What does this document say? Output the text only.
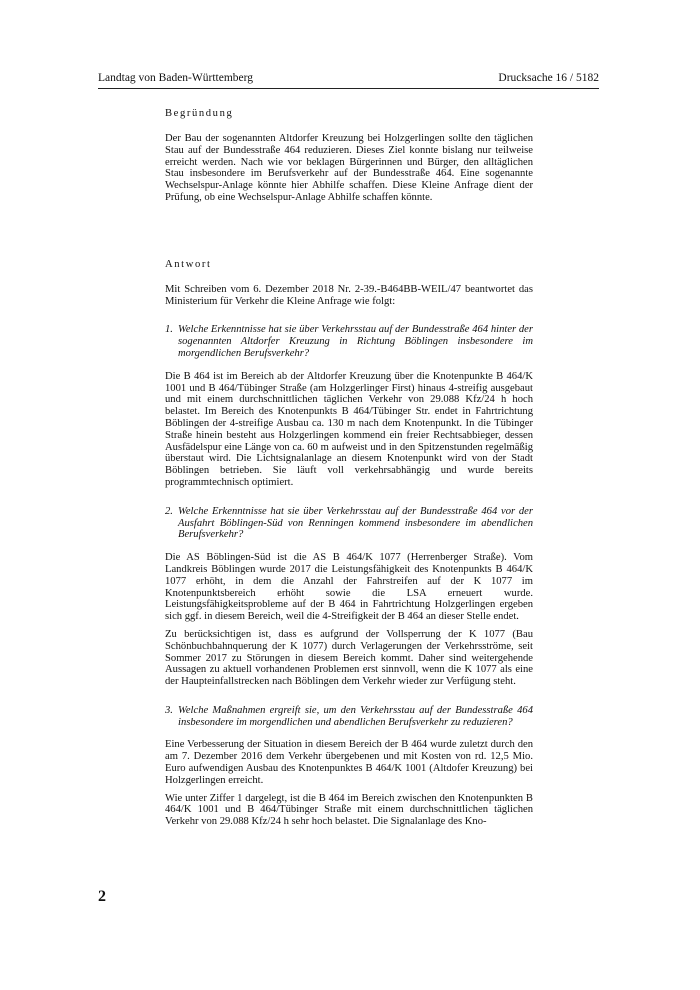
Landtag von Baden-Württemberg	Drucksache 16 / 5182
Begründung

Der Bau der sogenannten Altdorfer Kreuzung bei Holzgerlingen sollte den täglichen Stau auf der Bundesstraße 464 reduzieren. Dieses Ziel konnte bislang nur teilweise erreicht werden. Nach wie vor beklagen Bürgerinnen und Bürger, den alltäglichen Stau insbesondere im Berufsverkehr auf der Bundesstraße 464. Eine sogenannte Wechselspur-Anlage könnte hier Abhilfe schaffen. Diese Kleine Anfrage dient der Prüfung, ob eine Wechselspur-Anlage Abhilfe schaffen könnte.

Antwort

Mit Schreiben vom 6. Dezember 2018 Nr. 2-39.-B464BB-WEIL/47 beantwortet das Ministerium für Verkehr die Kleine Anfrage wie folgt:

1. Welche Erkenntnisse hat sie über Verkehrsstau auf der Bundesstraße 464 hinter der sogenannten Altdorfer Kreuzung in Richtung Böblingen insbesondere im morgendlichen Berufsverkehr?

Die B 464 ist im Bereich ab der Altdorfer Kreuzung über die Knotenpunkte B 464/K 1001 und B 464/Tübinger Straße (am Holzgerlinger First) hinaus 4-streifig ausgebaut und mit einem durchschnittlichen täglichen Verkehr von 29.088 Kfz/24 h hoch belastet. Im Bereich des Knotenpunkts B 464/Tübinger Str. endet in Fahrtrichtung Böblingen der 4-streifige Ausbau ca. 130 m nach dem Knotenpunkt. In die Tübinger Straße hinein besteht aus Holzgerlingen kommend ein freier Rechtsabbieger, dessen Ausfädelspur eine Länge von ca. 60 m aufweist und in den Spitzenstunden regelmäßig überstaut wird. Die Lichtsignalanlage an diesem Knotenpunkt wird von der Stadt Böblingen betrieben. Sie läuft voll verkehrsabhängig und wurde bereits programmtechnisch optimiert.

2. Welche Erkenntnisse hat sie über Verkehrsstau auf der Bundesstraße 464 vor der Ausfahrt Böblingen-Süd von Renningen kommend insbesondere im abendlichen Berufsverkehr?

Die AS Böblingen-Süd ist die AS B 464/K 1077 (Herrenberger Straße). Vom Landkreis Böblingen wurde 2017 die Leistungsfähigkeit des Knotenpunkts B 464/K 1077 erhöht, in dem die Anzahl der Fahrstreifen auf der K 1077 im Knotenpunktsbereich erhöht sowie die LSA erneuert wurde. Leistungsfähigkeitsprobleme auf der B 464 in Fahrtrichtung Holzgerlingen ergeben sich ggf. in diesem Bereich, weil die 4-Streifigkeit der B 464 an dieser Stelle endet.

Zu berücksichtigen ist, dass es aufgrund der Vollsperrung der K 1077 (Bau Schönbuchbahnquerung der K 1077) durch Verlagerungen der Verkehrsströme, seit Sommer 2017 zu Störungen in diesem Bereich kommt. Daher sind weitergehende Aussagen zu aktuell vorhandenen Problemen erst sinnvoll, wenn die K 1077 als eine der Haupteinfallstrecken nach Böblingen dem Verkehr wieder zur Verfügung steht.

3. Welche Maßnahmen ergreift sie, um den Verkehrsstau auf der Bundesstraße 464 insbesondere im morgendlichen und abendlichen Berufsverkehr zu reduzieren?

Eine Verbesserung der Situation in diesem Bereich der B 464 wurde zuletzt durch den am 7. Dezember 2016 dem Verkehr übergebenen und mit Kosten von rd. 12,5 Mio. Euro aufwendigen Ausbau des Knotenpunktes B 464/K 1001 (Altdofer Kreuzung) bei Holzgerlingen erreicht.

Wie unter Ziffer 1 dargelegt, ist die B 464 im Bereich zwischen den Knotenpunkten B 464/K 1001 und B 464/Tübinger Straße mit einem durchschnittlichen täglichen Verkehr von 29.088 Kfz/24 h sehr hoch belastet. Die Signalanlage des Kno-

2
